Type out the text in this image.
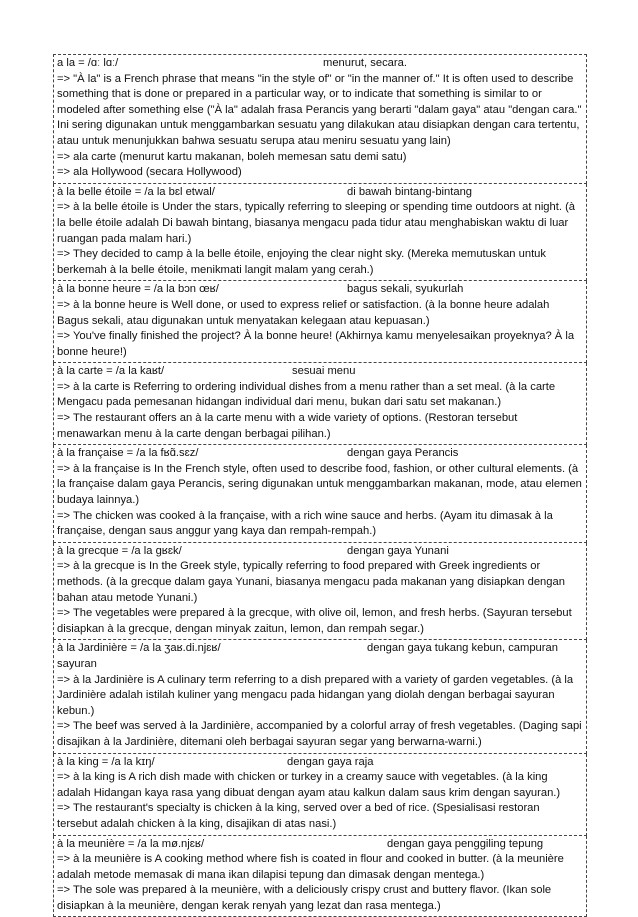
a la = /ɑː lɑː/	menurut, secara.
=> "À la" is a French phrase that means "in the style of" or "in the manner of." It is often used to describe something that is done or prepared in a particular way, or to indicate that something is similar to or modeled after something else ("À la" adalah frasa Perancis yang berarti "dalam gaya" atau "dengan cara." Ini sering digunakan untuk menggambarkan sesuatu yang dilakukan atau disiapkan dengan cara tertentu, atau untuk menunjukkan bahwa sesuatu serupa atau meniru sesuatu yang lain)
=> ala carte (menurut kartu makanan, boleh memesan satu demi satu)
=> ala Hollywood (secara Hollywood)
à la belle étoile = /a la bɛl etwal/	di bawah bintang-bintang
=> à la belle étoile is Under the stars, typically referring to sleeping or spending time outdoors at night. (à la belle étoile adalah Di bawah bintang, biasanya mengacu pada tidur atau menghabiskan waktu di luar ruangan pada malam hari.)
=> They decided to camp à la belle étoile, enjoying the clear night sky. (Mereka memutuskan untuk berkemah à la belle étoile, menikmati langit malam yang cerah.)
à la bonne heure = /a la bɔn œʁ/	bagus sekali, syukurlah
=> à la bonne heure is Well done, or used to express relief or satisfaction. (à la bonne heure adalah Bagus sekali, atau digunakan untuk menyatakan kelegaan atau kepuasan.)
=> You've finally finished the project? À la bonne heure! (Akhirnya kamu menyelesaikan proyeknya? À la bonne heure!)
à la carte = /a la kaʁt/	sesuai menu
=> à la carte is Referring to ordering individual dishes from a menu rather than a set meal. (à la carte Mengacu pada pemesanan hidangan individual dari menu, bukan dari satu set makanan.)
=> The restaurant offers an à la carte menu with a wide variety of options. (Restoran tersebut menawarkan menu à la carte dengan berbagai pilihan.)
à la française = /a la fʁɑ̃.sɛz/	dengan gaya Perancis
=> à la française is In the French style, often used to describe food, fashion, or other cultural elements. (à la française dalam gaya Perancis, sering digunakan untuk menggambarkan makanan, mode, atau elemen budaya lainnya.)
=> The chicken was cooked à la française, with a rich wine sauce and herbs. (Ayam itu dimasak à la française, dengan saus anggur yang kaya dan rempah-rempah.)
à la grecque = /a la ɡʁɛk/	dengan gaya Yunani
=> à la grecque is In the Greek style, typically referring to food prepared with Greek ingredients or methods. (à la grecque dalam gaya Yunani, biasanya mengacu pada makanan yang disiapkan dengan bahan atau metode Yunani.)
=> The vegetables were prepared à la grecque, with olive oil, lemon, and fresh herbs. (Sayuran tersebut disiapkan à la grecque, dengan minyak zaitun, lemon, dan rempah segar.)
à la Jardinière = /a la ʒaʁ.di.njɛʁ/	dengan gaya tukang kebun, campuran sayuran
=> à la Jardinière is A culinary term referring to a dish prepared with a variety of garden vegetables. (à la Jardinière adalah istilah kuliner yang mengacu pada hidangan yang diolah dengan berbagai sayuran kebun.)
=> The beef was served à la Jardinière, accompanied by a colorful array of fresh vegetables. (Daging sapi disajikan à la Jardinière, ditemani oleh berbagai sayuran segar yang berwarna-warni.)
à la king = /a la kɪŋ/	dengan gaya raja
=> à la king is A rich dish made with chicken or turkey in a creamy sauce with vegetables. (à la king adalah Hidangan kaya rasa yang dibuat dengan ayam atau kalkun dalam saus krim dengan sayuran.)
=> The restaurant's specialty is chicken à la king, served over a bed of rice. (Spesialisasi restoran tersebut adalah chicken à la king, disajikan di atas nasi.)
à la meunière = /a la mø.njɛʁ/	dengan gaya penggiling tepung
=> à la meunière is A cooking method where fish is coated in flour and cooked in butter. (à la meunière adalah metode memasak di mana ikan dilapisi tepung dan dimasak dengan mentega.)
=> The sole was prepared à la meunière, with a deliciously crispy crust and buttery flavor. (Ikan sole disiapkan à la meunière, dengan kerak renyah yang lezat dan rasa mentega.)
